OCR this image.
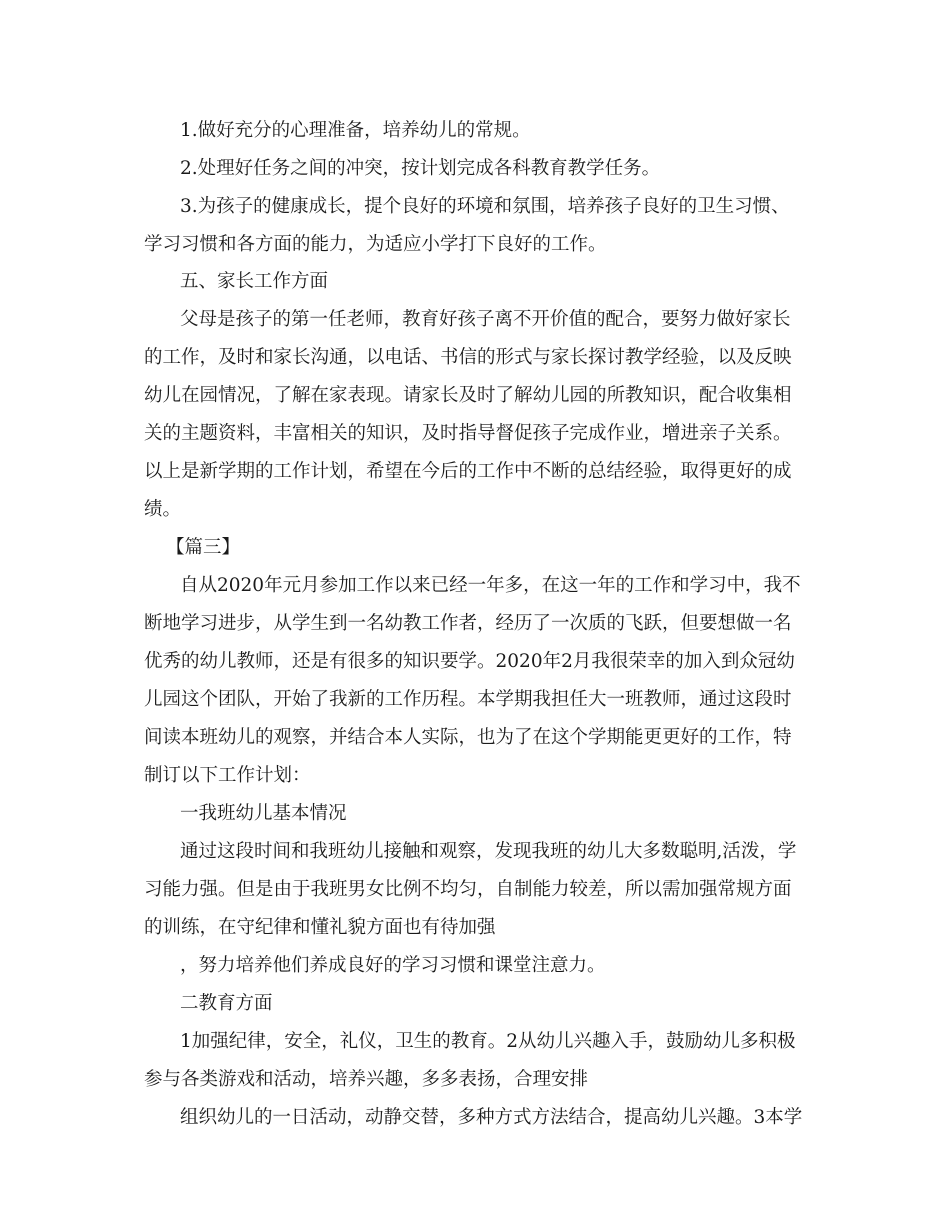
1.做好充分的心理准备，培养幼儿的常规。
2.处理好任务之间的冲突，按计划完成各科教育教学任务。
3.为孩子的健康成长，提个良好的环境和氛围，培养孩子良好的卫生习惯、
学习习惯和各方面的能力，为适应小学打下良好的工作。
五、家长工作方面
父母是孩子的第一任老师，教育好孩子离不开价值的配合，要努力做好家长
的工作，及时和家长沟通，以电话、书信的形式与家长探讨教学经验，以及反映
幼儿在园情况，了解在家表现。请家长及时了解幼儿园的所教知识，配合收集相
关的主题资料，丰富相关的知识，及时指导督促孩子完成作业，增进亲子关系。
以上是新学期的工作计划，希望在今后的工作中不断的总结经验，取得更好的成
绩。
【篇三】
自从2020年元月参加工作以来已经一年多，在这一年的工作和学习中，我不
断地学习进步，从学生到一名幼教工作者，经历了一次质的飞跃，但要想做一名
优秀的幼儿教师，还是有很多的知识要学。2020年2月我很荣幸的加入到众冠幼
儿园这个团队，开始了我新的工作历程。本学期我担任大一班教师，通过这段时
间读本班幼儿的观察，并结合本人实际，也为了在这个学期能更更好的工作，特
制订以下工作计划：
一我班幼儿基本情况
通过这段时间和我班幼儿接触和观察，发现我班的幼儿大多数聪明,活泼，学
习能力强。但是由于我班男女比例不均匀，自制能力较差，所以需加强常规方面
的训练，在守纪律和懂礼貌方面也有待加强
，努力培养他们养成良好的学习习惯和课堂注意力。
二教育方面
1加强纪律，安全，礼仪，卫生的教育。2从幼儿兴趣入手，鼓励幼儿多积极
参与各类游戏和活动，培养兴趣，多多表扬，合理安排
组织幼儿的一日活动，动静交替，多种方式方法结合，提高幼儿兴趣。3本学
